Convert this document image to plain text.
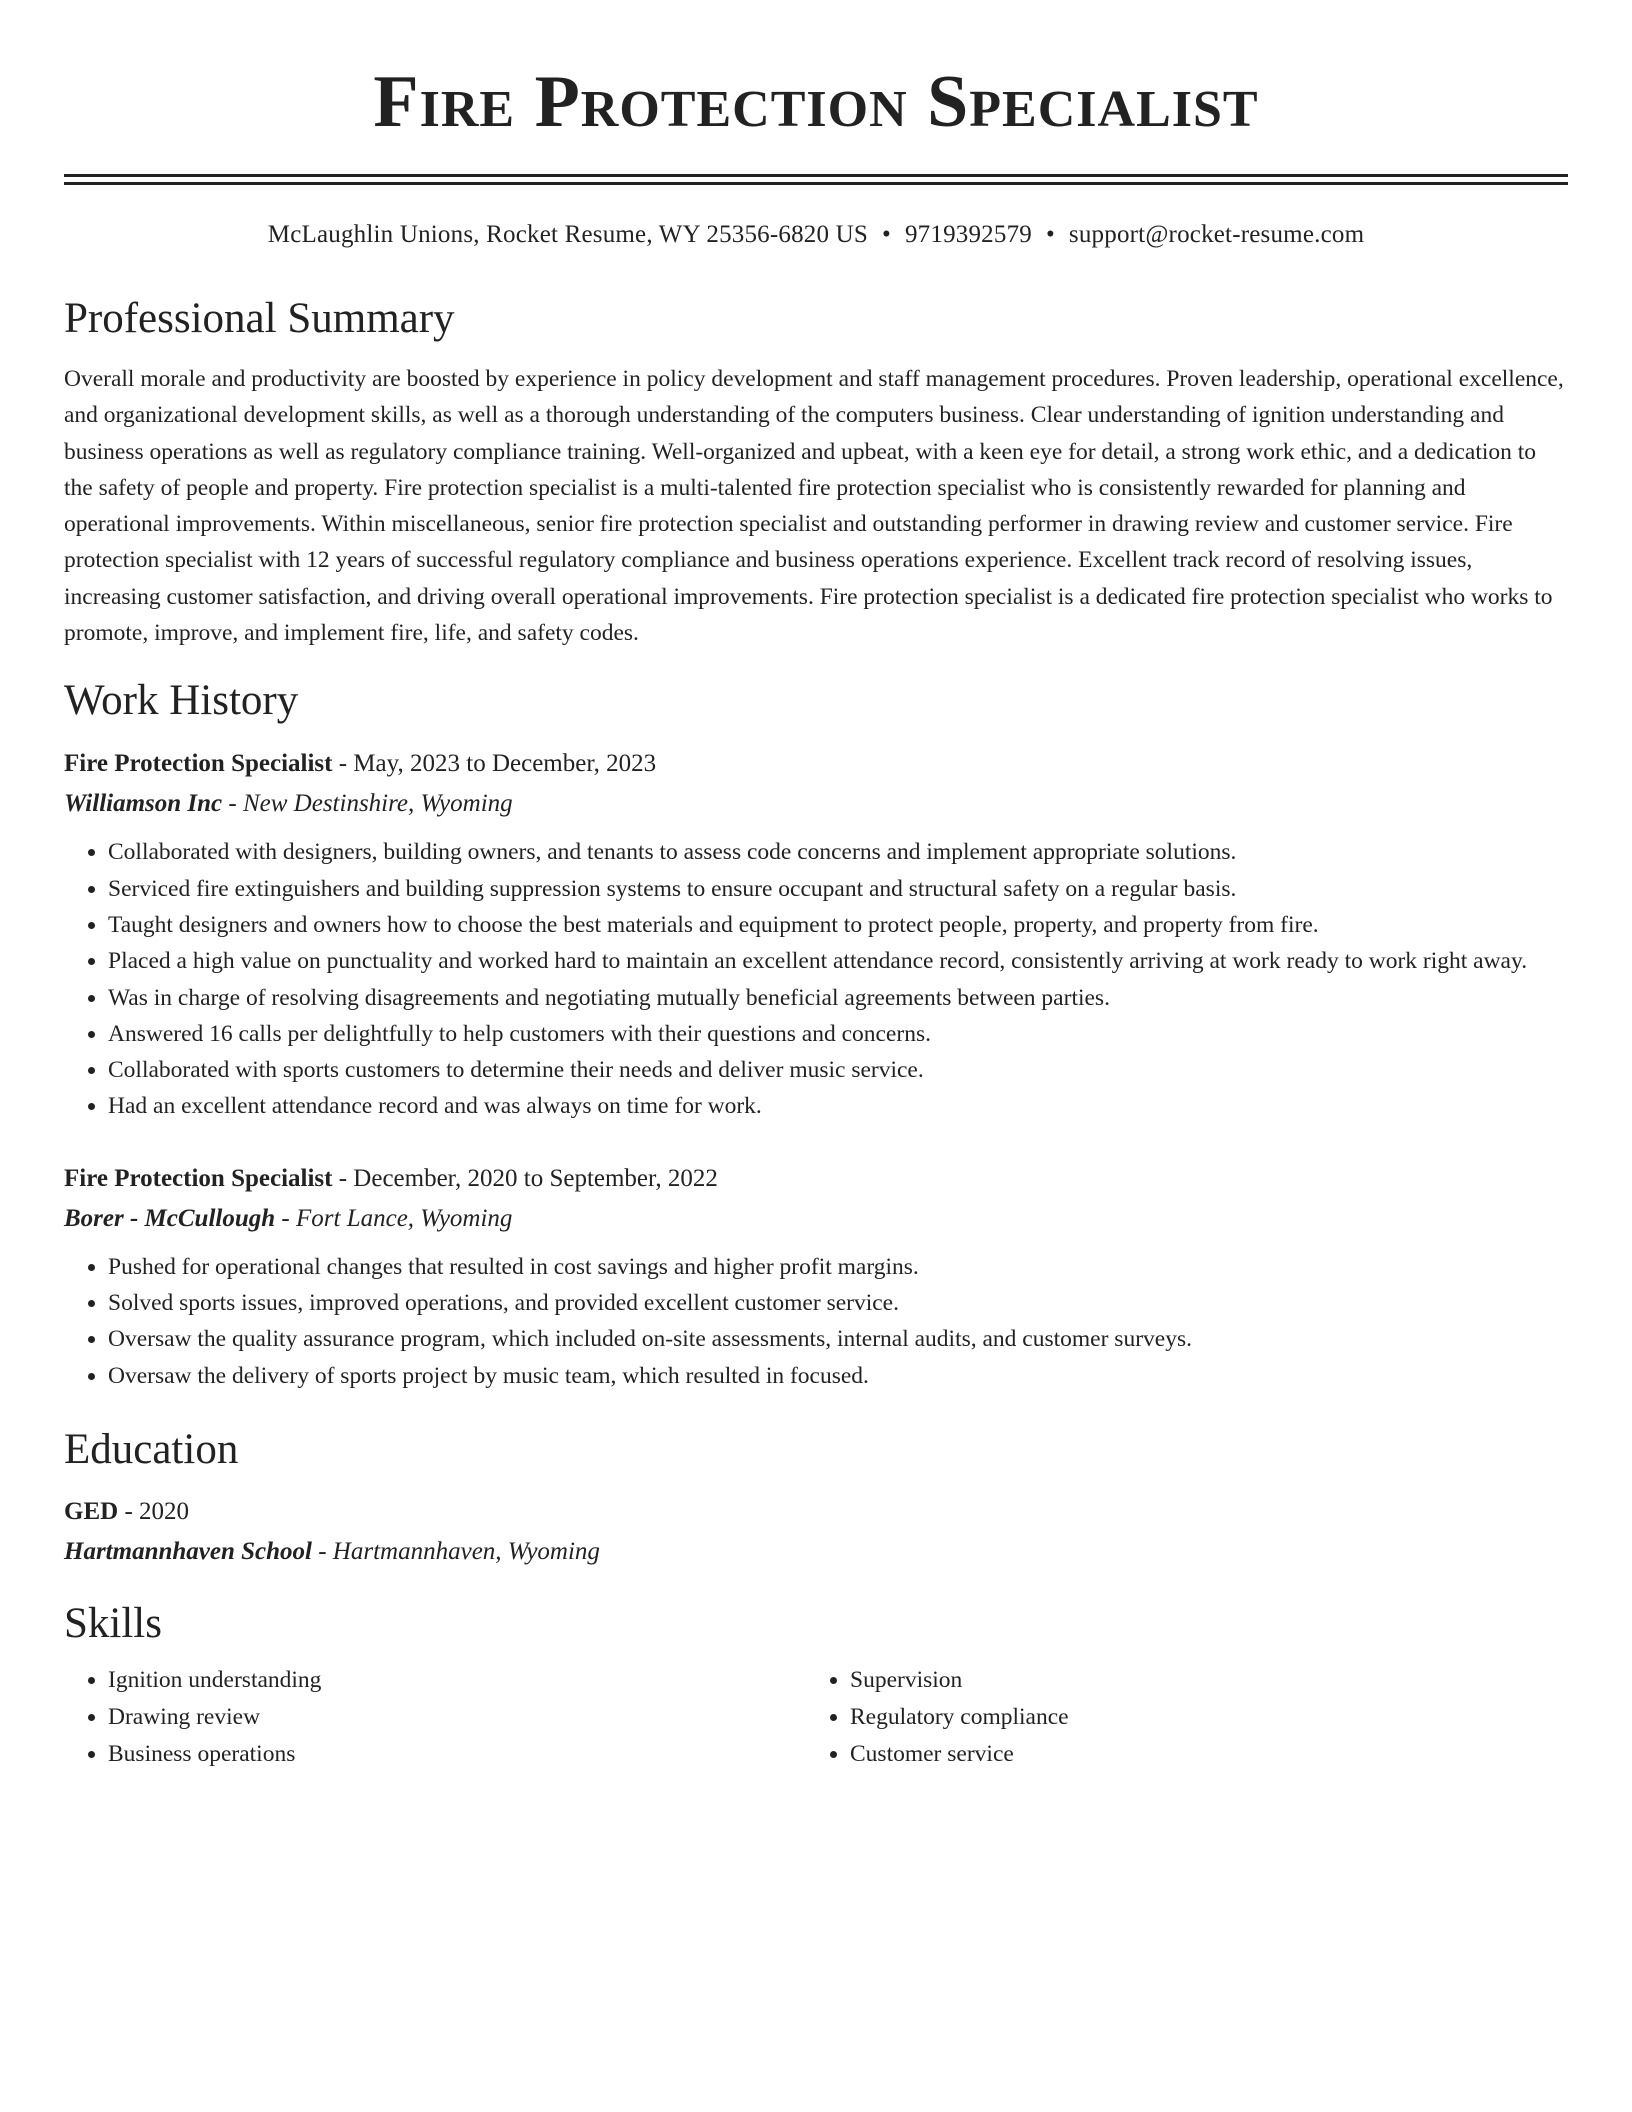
Fire Protection Specialist
McLaughlin Unions, Rocket Resume, WY 25356-6820 US • 9719392579 • support@rocket-resume.com
Professional Summary

Overall morale and productivity are boosted by experience in policy development and staff management procedures. Proven leadership, operational excellence, and organizational development skills, as well as a thorough understanding of the computers business. Clear understanding of ignition understanding and business operations as well as regulatory compliance training. Well-organized and upbeat, with a keen eye for detail, a strong work ethic, and a dedication to the safety of people and property. Fire protection specialist is a multi-talented fire protection specialist who is consistently rewarded for planning and operational improvements. Within miscellaneous, senior fire protection specialist and outstanding performer in drawing review and customer service. Fire protection specialist with 12 years of successful regulatory compliance and business operations experience. Excellent track record of resolving issues, increasing customer satisfaction, and driving overall operational improvements. Fire protection specialist is a dedicated fire protection specialist who works to promote, improve, and implement fire, life, and safety codes.

Work History
Fire Protection Specialist - May, 2023 to December, 2023
Williamson Inc - New Destinshire, Wyoming
• Collaborated with designers, building owners, and tenants to assess code concerns and implement appropriate solutions.
• Serviced fire extinguishers and building suppression systems to ensure occupant and structural safety on a regular basis.
• Taught designers and owners how to choose the best materials and equipment to protect people, property, and property from fire.
• Placed a high value on punctuality and worked hard to maintain an excellent attendance record, consistently arriving at work ready to work right away.
• Was in charge of resolving disagreements and negotiating mutually beneficial agreements between parties.
• Answered 16 calls per delightfully to help customers with their questions and concerns.
• Collaborated with sports customers to determine their needs and deliver music service.
• Had an excellent attendance record and was always on time for work.
Fire Protection Specialist - December, 2020 to September, 2022
Borer - McCullough - Fort Lance, Wyoming
• Pushed for operational changes that resulted in cost savings and higher profit margins.
• Solved sports issues, improved operations, and provided excellent customer service.
• Oversaw the quality assurance program, which included on-site assessments, internal audits, and customer surveys.
• Oversaw the delivery of sports project by music team, which resulted in focused.
Education
GED - 2020
Hartmannhaven School - Hartmannhaven, Wyoming
Skills
• Ignition understanding
• Drawing review
• Business operations
• Supervision
• Regulatory compliance
• Customer service
